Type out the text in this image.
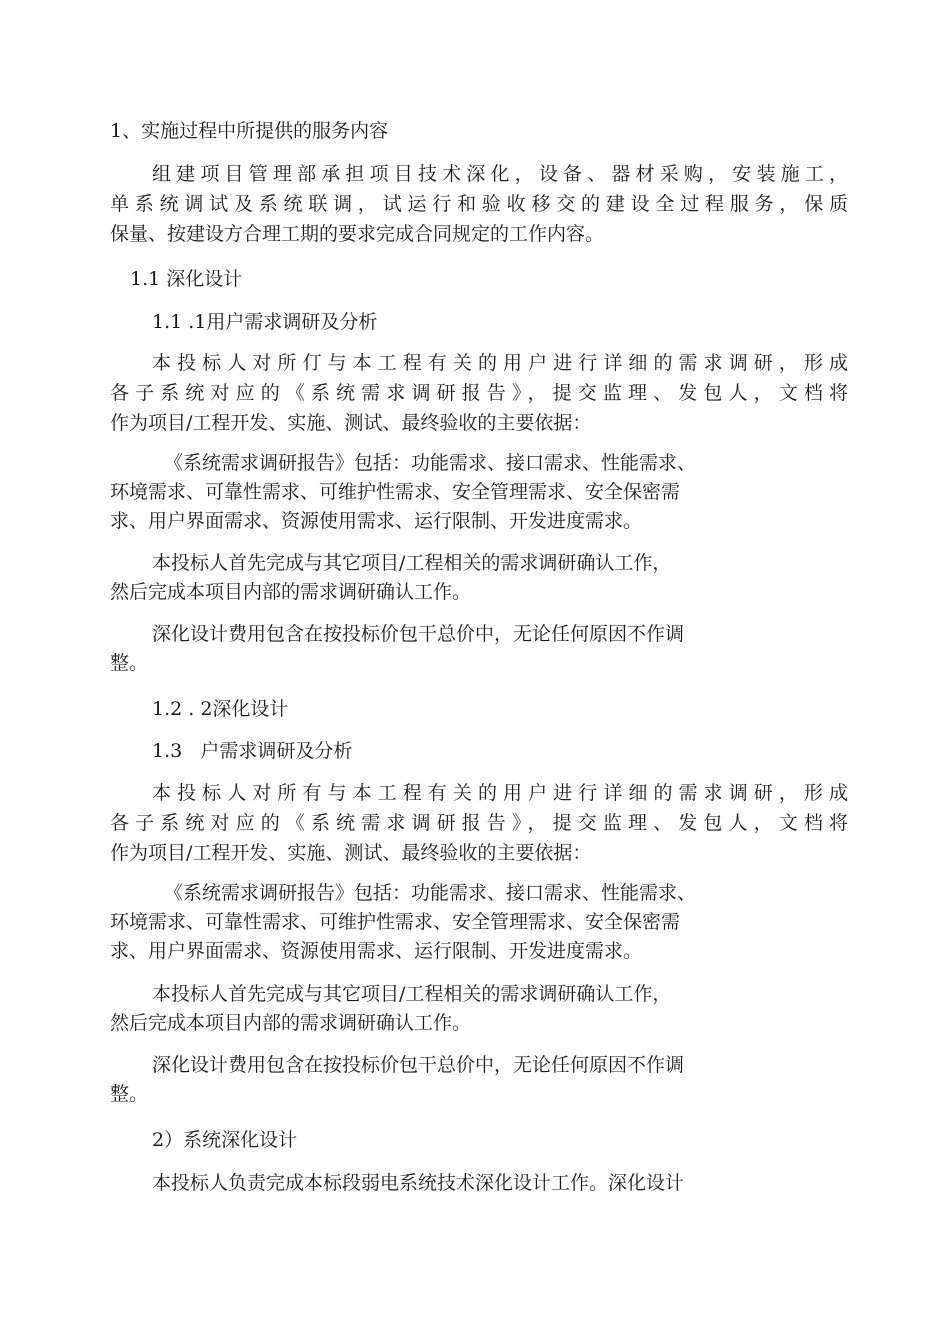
1、实施过程中所提供的服务内容
组建项目管理部承担项目技术深化，设备、器材采购，安装施工，
单系统调试及系统联调，试运行和验收移交的建设全过程服务，保质
保量、按建设方合理工期的要求完成合同规定的工作内容。
1.1 深化设计
1.1 .1用户需求调研及分析
本投标人对所仃与本工程有关的用户进行详细的需求调研，形成
各子系统对应的《系统需求调研报告》，提交监理、发包人，文档将
作为项目/工程开发、实施、测试、最终验收的主要依据：
《系统需求调研报告》包括：功能需求、接口需求、性能需求、
环境需求、可靠性需求、可维护性需求、安全管理需求、安全保密需
求、用户界面需求、资源使用需求、运行限制、开发进度需求。
本投标人首先完成与其它项目/工程相关的需求调研确认工作，
然后完成本项目内部的需求调研确认工作。
深化设计费用包含在按投标价包干总价中，无论任何原因不作调
整。
1.2 . 2深化设计
1.3   户需求调研及分析
本投标人对所有与本工程有关的用户进行详细的需求调研，形成
各子系统对应的《系统需求调研报告》，提交监理、发包人，文档将
作为项目/工程开发、实施、测试、最终验收的主要依据：
《系统需求调研报告》包括：功能需求、接口需求、性能需求、
环境需求、可靠性需求、可维护性需求、安全管理需求、安全保密需
求、用户界面需求、资源使用需求、运行限制、开发进度需求。
本投标人首先完成与其它项目/工程相关的需求调研确认工作，
然后完成本项目内部的需求调研确认工作。
深化设计费用包含在按投标价包干总价中，无论任何原因不作调
整。
2）系统深化设计
本投标人负责完成本标段弱电系统技术深化设计工作。深化设计
